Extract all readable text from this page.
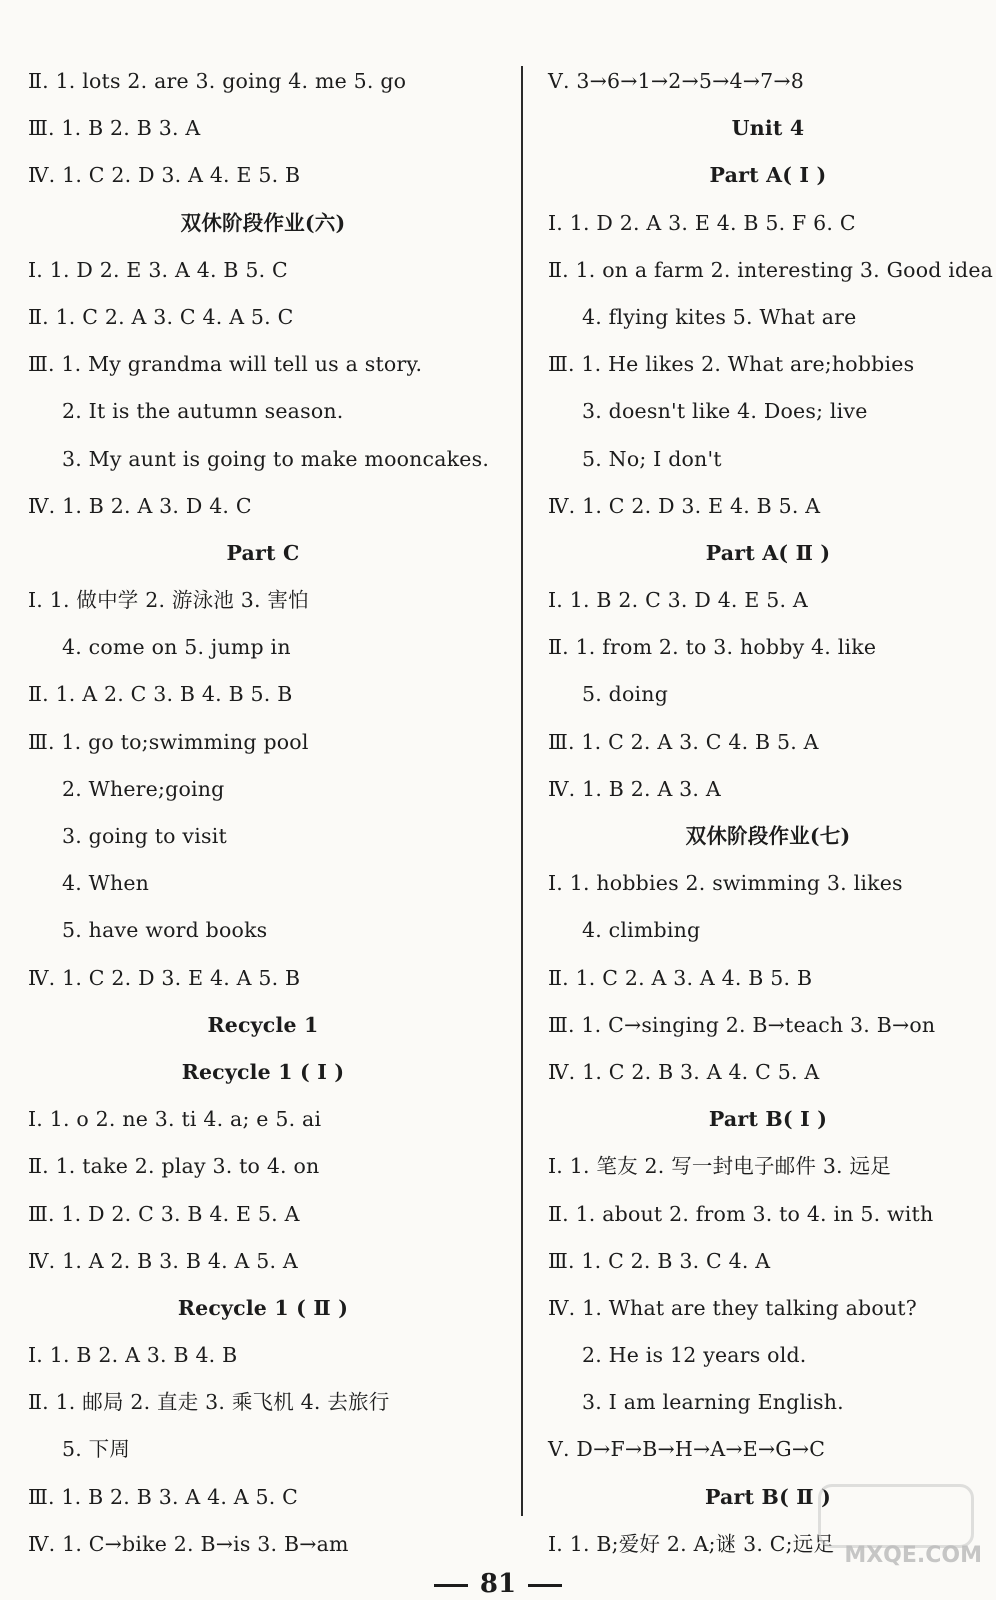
Ⅱ. 1. lots 2. are 3. going 4. me 5. go
Ⅲ. 1. B 2. B 3. A
Ⅳ. 1. C 2. D 3. A 4. E 5. B
双休阶段作业(六)
Ⅰ. 1. D 2. E 3. A 4. B 5. C
Ⅱ. 1. C 2. A 3. C 4. A 5. C
Ⅲ. 1. My grandma will tell us a story.
2. It is the autumn season.
3. My aunt is going to make mooncakes.
Ⅳ. 1. B 2. A 3. D 4. C
Part C
Ⅰ. 1. 做中学 2. 游泳池 3. 害怕
4. come on 5. jump in
Ⅱ. 1. A 2. C 3. B 4. B 5. B
Ⅲ. 1. go to;swimming pool
2. Where;going
3. going to visit
4. When
5. have word books
Ⅳ. 1. C 2. D 3. E 4. A 5. B
Recycle 1
Recycle 1 ( Ⅰ )
Ⅰ. 1. o 2. ne 3. ti 4. a; e 5. ai
Ⅱ. 1. take 2. play 3. to 4. on
Ⅲ. 1. D 2. C 3. B 4. E 5. A
Ⅳ. 1. A 2. B 3. B 4. A 5. A
Recycle 1 ( Ⅱ )
Ⅰ. 1. B 2. A 3. B 4. B
Ⅱ. 1. 邮局 2. 直走 3. 乘飞机 4. 去旅行
5. 下周
Ⅲ. 1. B 2. B 3. A 4. A 5. C
Ⅳ. 1. C→bike 2. B→is 3. B→am
Ⅴ. 3→6→1→2→5→4→7→8
Unit 4
Part A( Ⅰ )
Ⅰ. 1. D 2. A 3. E 4. B 5. F 6. C
Ⅱ. 1. on a farm 2. interesting 3. Good idea
4. flying kites 5. What are
Ⅲ. 1. He likes 2. What are;hobbies
3. doesn't like 4. Does; live
5. No; I don't
Ⅳ. 1. C 2. D 3. E 4. B 5. A
Part A( Ⅱ )
Ⅰ. 1. B 2. C 3. D 4. E 5. A
Ⅱ. 1. from 2. to 3. hobby 4. like
5. doing
Ⅲ. 1. C 2. A 3. C 4. B 5. A
Ⅳ. 1. B 2. A 3. A
双休阶段作业(七)
Ⅰ. 1. hobbies 2. swimming 3. likes
4. climbing
Ⅱ. 1. C 2. A 3. A 4. B 5. B
Ⅲ. 1. C→singing 2. B→teach 3. B→on
Ⅳ. 1. C 2. B 3. A 4. C 5. A
Part B( Ⅰ )
Ⅰ. 1. 笔友 2. 写一封电子邮件 3. 远足
Ⅱ. 1. about 2. from 3. to 4. in 5. with
Ⅲ. 1. C 2. B 3. C 4. A
Ⅳ. 1. What are they talking about?
2. He is 12 years old.
3. I am learning English.
Ⅴ. D→F→B→H→A→E→G→C
Part B( Ⅱ )
Ⅰ. 1. B;爱好 2. A;谜 3. C;远足 MXQE.COM
81
